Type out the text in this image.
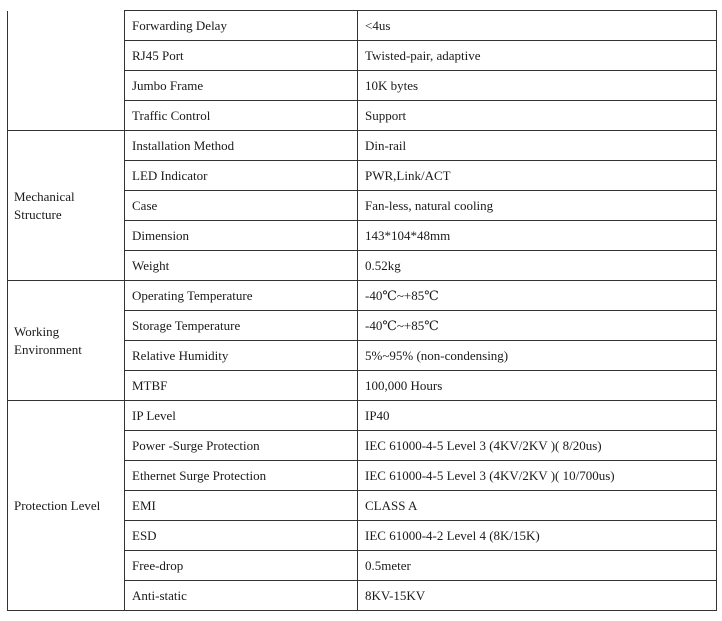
	Forwarding Delay	<4us
	RJ45 Port	Twisted-pair, adaptive
	Jumbo Frame	10K bytes
	Traffic Control	Support
Mechanical Structure	Installation Method	Din-rail
	LED Indicator	PWR,Link/ACT
	Case	Fan-less, natural cooling
	Dimension	143*104*48mm
	Weight	0.52kg
Working Environment	Operating Temperature	-40℃~+85℃
	Storage Temperature	-40℃~+85℃
	Relative Humidity	5%~95% (non-condensing)
	MTBF	100,000 Hours
Protection Level	IP Level	IP40
	Power -Surge Protection	IEC 61000-4-5 Level 3 (4KV/2KV )( 8/20us)
	Ethernet Surge Protection	IEC 61000-4-5 Level 3 (4KV/2KV )( 10/700us)
	EMI	CLASS A
	ESD	IEC 61000-4-2 Level 4 (8K/15K)
	Free-drop	0.5meter
	Anti-static	8KV-15KV
